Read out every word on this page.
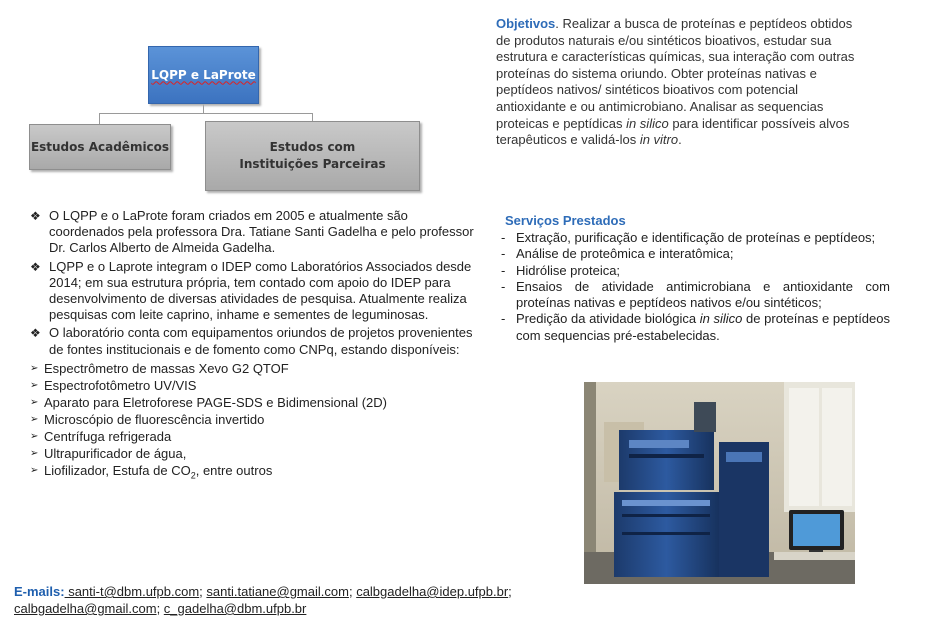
LQPP e LaProte
Estudos Acadêmicos	Estudos com Instituições Parceiras
Objetivos. Realizar a busca de proteínas e peptídeos obtidos de produtos naturais e/ou sintéticos bioativos, estudar sua estrutura e características químicas, sua interação com outras proteínas do sistema oriundo. Obter proteínas nativas e peptídeos nativos/ sintéticos bioativos com potencial antioxidante e ou antimicrobiano. Analisar as sequencias proteicas e peptídicas in silico para identificar possíveis alvos terapêuticos e validá-los in vitro.
❖ O LQPP e o LaProte foram criados em 2005 e atualmente são coordenados pela professora Dra. Tatiane Santi Gadelha e pelo professor Dr. Carlos Alberto de Almeida Gadelha.
❖ LQPP e o Laprote integram o IDEP como Laboratórios Associados desde 2014; em sua estrutura própria, tem contado com apoio do IDEP para desenvolvimento de diversas atividades de pesquisa. Atualmente realiza pesquisas com leite caprino, inhame e sementes de leguminosas.
❖ O laboratório conta com equipamentos oriundos de projetos provenientes de fontes institucionais e de fomento como CNPq, estando disponíveis:
➢ Espectrômetro de massas Xevo G2 QTOF
➢ Espectrofotômetro UV/VIS
➢ Aparato para Eletroforese PAGE-SDS e Bidimensional (2D)
➢ Microscópio de fluorescência invertido
➢ Centrífuga refrigerada
➢ Ultrapurificador de água,
➢ Liofilizador, Estufa de $CO_2$, entre outros
Serviços Prestados
- Extração, purificação e identificação de proteínas e peptídeos;
- Análise de proteômica e interatômica;
- Hidrólise proteica;
- Ensaios de atividade antimicrobiana e antioxidante com proteínas nativas e peptídeos nativos e/ou sintéticos;
- Predição da atividade biológica in silico de proteínas e peptídeos com sequencias pré-estabelecidas.
E-mails: santi-t@dbm.ufpb.com; santi.tatiane@gmail.com; calbgadelha@idep.ufpb.br;
calbgadelha@gmail.com; c_gadelha@dbm.ufpb.br
